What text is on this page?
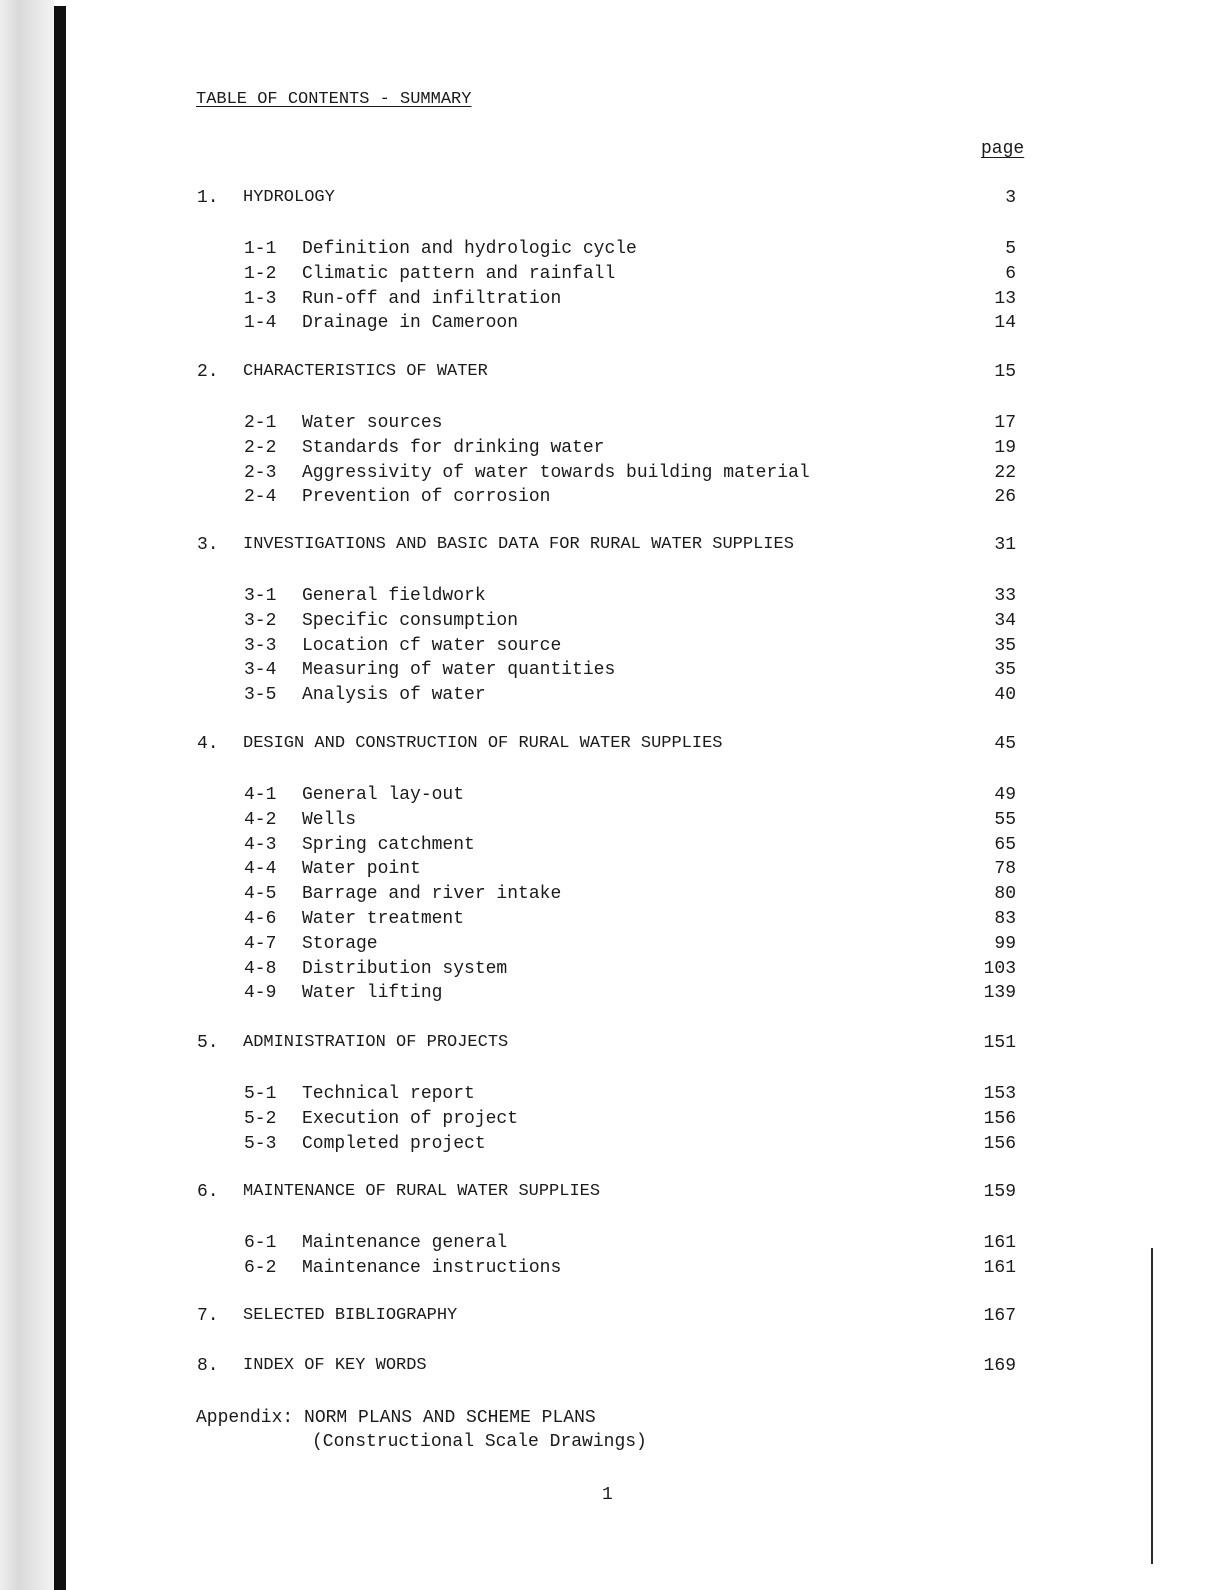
TABLE OF CONTENTS - SUMMARY
page
1. HYDROLOGY	3
1-1 Definition and hydrologic cycle	5
1-2 Climatic pattern and rainfall	6
1-3 Run-off and infiltration	13
1-4 Drainage in Cameroon	14
2. CHARACTERISTICS OF WATER	15
2-1 Water sources	17
2-2 Standards for drinking water	19
2-3 Aggressivity of water towards building material	22
2-4 Prevention of corrosion	26
3. INVESTIGATIONS AND BASIC DATA FOR RURAL WATER SUPPLIES	31
3-1 General fieldwork	33
3-2 Specific consumption	34
3-3 Location cf water source	35
3-4 Measuring of water quantities	35
3-5 Analysis of water	40
4. DESIGN AND CONSTRUCTION OF RURAL WATER SUPPLIES	45
4-1 General lay-out	49
4-2 Wells	55
4-3 Spring catchment	65
4-4 Water point	78
4-5 Barrage and river intake	80
4-6 Water treatment	83
4-7 Storage	99
4-8 Distribution system	103
4-9 Water lifting	139
5. ADMINISTRATION OF PROJECTS	151
5-1 Technical report	153
5-2 Execution of project	156
5-3 Completed project	156
6. MAINTENANCE OF RURAL WATER SUPPLIES	159
6-1 Maintenance general	161
6-2 Maintenance instructions	161
7. SELECTED BIBLIOGRAPHY	167
8. INDEX OF KEY WORDS	169
Appendix: NORM PLANS AND SCHEME PLANS
(Constructional Scale Drawings)
1
